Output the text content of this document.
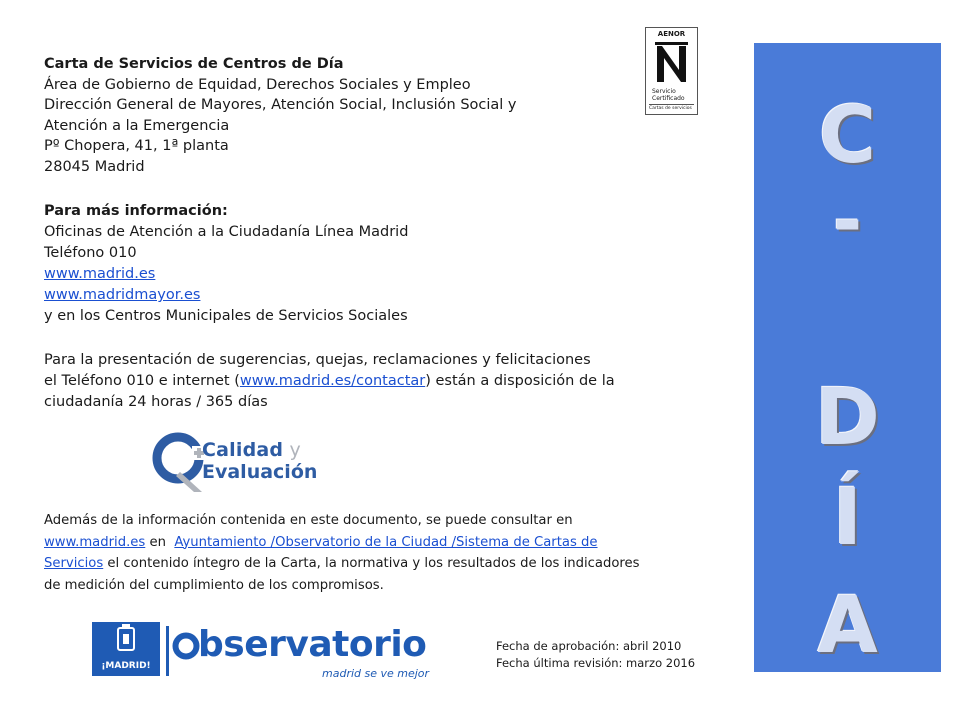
Carta de Servicios de Centros de Día
Área de Gobierno de Equidad, Derechos Sociales y Empleo
Dirección General de Mayores, Atención Social, Inclusión Social y
Atención a la Emergencia
Pº Chopera, 41, 1ª planta
28045 Madrid
Para más información:
Oficinas de Atención a la Ciudadanía Línea Madrid
Teléfono 010
www.madrid.es
www.madridmayor.es
y en los Centros Municipales de Servicios Sociales
Para la presentación de sugerencias, quejas, reclamaciones y felicitaciones
el Teléfono 010 e internet (www.madrid.es/contactar) están a disposición de la
ciudadanía 24 horas / 365 días
Calidad y
Evaluación
Además de la información contenida en este documento, se puede consultar en
www.madrid.es en  Ayuntamiento /Observatorio de la Ciudad /Sistema de Cartas de
Servicios el contenido íntegro de la Carta, la normativa y los resultados de los indicadores
de medición del cumplimiento de los compromisos.
¡MADRID!
bservatorio
madrid se ve mejor
Fecha de aprobación: abril 2010
Fecha última revisión: marzo 2016
AENOR
Servicio
Certificado
Cartas de servicios	C
-
D
Í
A
